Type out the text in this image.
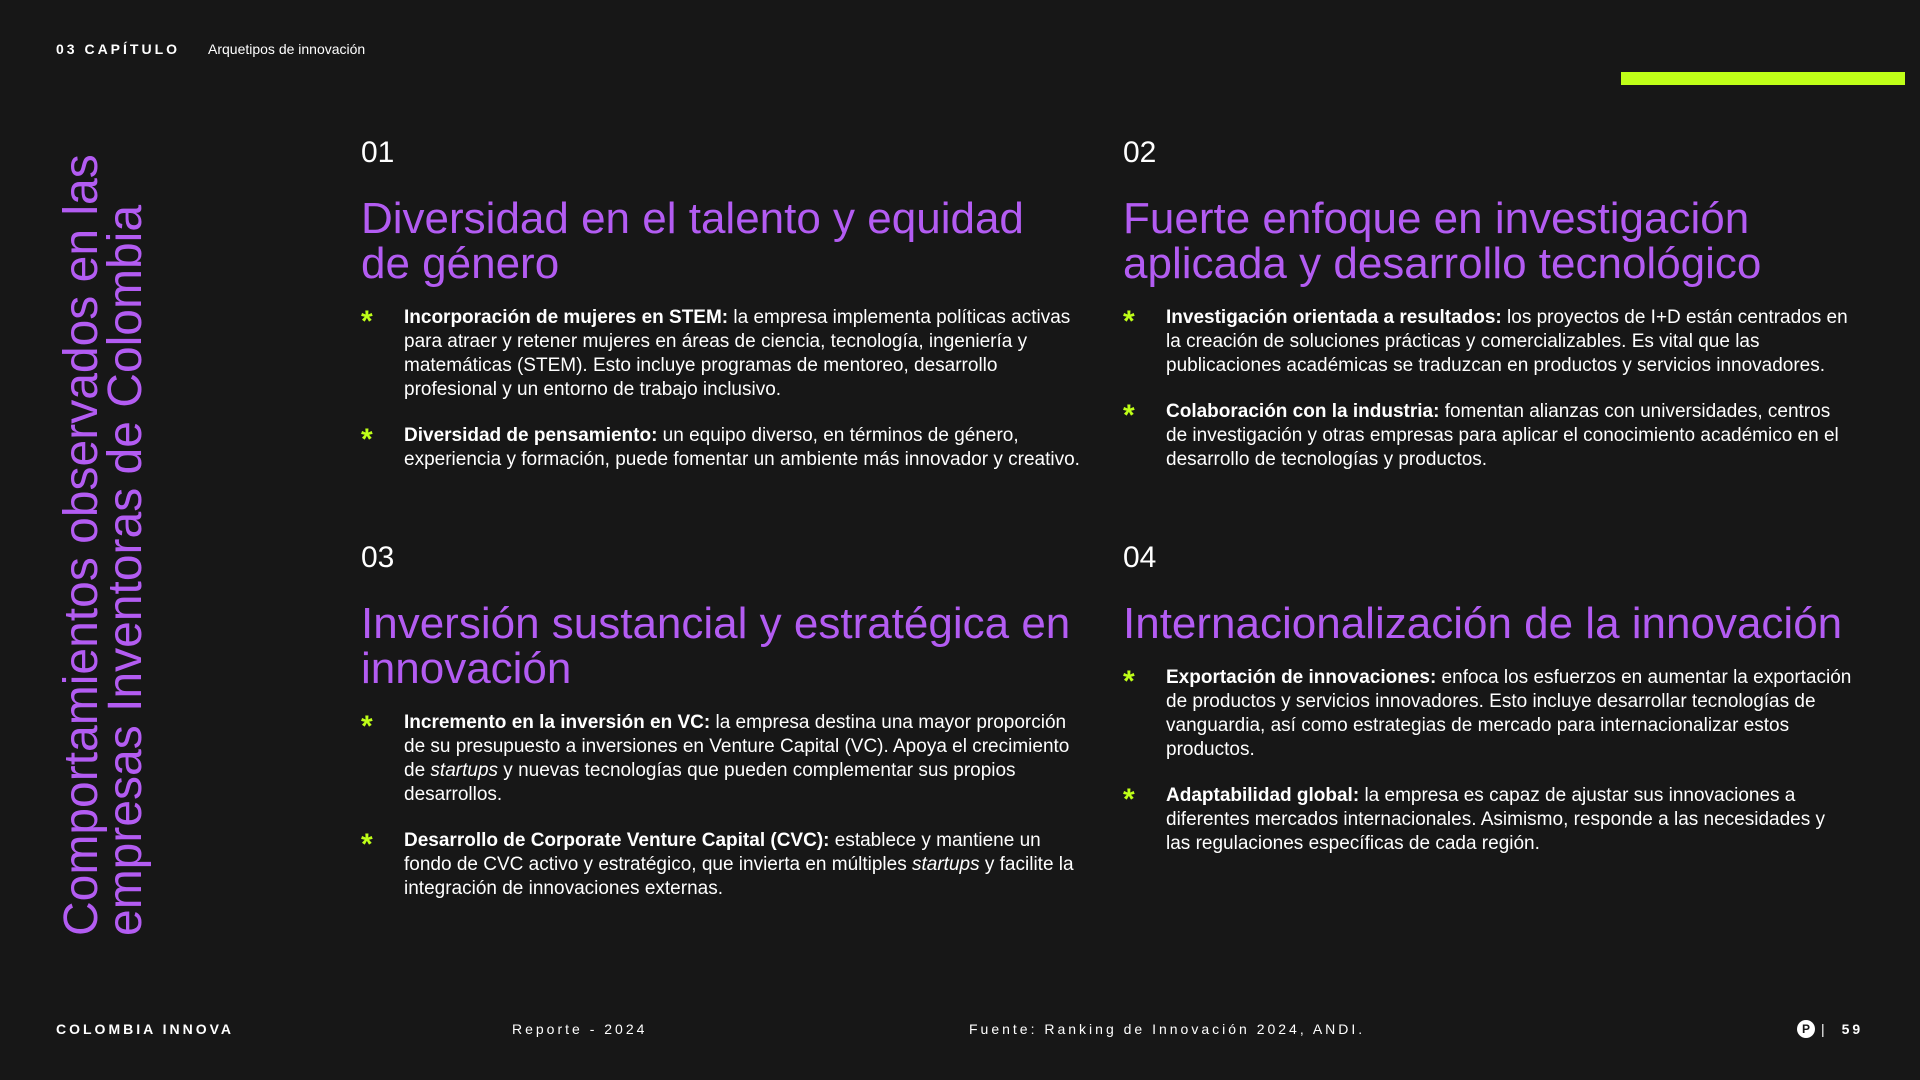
03 CAPÍTULO Arquetipos de innovación
Comportamientos observados en las empresas Inventoras de Colombia
01
Diversidad en el talento y equidad de género
* Incorporación de mujeres en STEM: la empresa implementa políticas activas para atraer y retener mujeres en áreas de ciencia, tecnología, ingeniería y matemáticas (STEM). Esto incluye programas de mentoreo, desarrollo profesional y un entorno de trabajo inclusivo.
* Diversidad de pensamiento: un equipo diverso, en términos de género, experiencia y formación, puede fomentar un ambiente más innovador y creativo.
02
Fuerte enfoque en investigación aplicada y desarrollo tecnológico
* Investigación orientada a resultados: los proyectos de I+D están centrados en la creación de soluciones prácticas y comercializables. Es vital que las publicaciones académicas se traduzcan en productos y servicios innovadores.
* Colaboración con la industria: fomentan alianzas con universidades, centros de investigación y otras empresas para aplicar el conocimiento académico en el desarrollo de tecnologías y productos.
03
Inversión sustancial y estratégica en innovación
* Incremento en la inversión en VC: la empresa destina una mayor proporción de su presupuesto a inversiones en Venture Capital (VC). Apoya el crecimiento de startups y nuevas tecnologías que pueden complementar sus propios desarrollos.
* Desarrollo de Corporate Venture Capital (CVC): establece y mantiene un fondo de CVC activo y estratégico, que invierta en múltiples startups y facilite la integración de innovaciones externas.
04
Internacionalización de la innovación
* Exportación de innovaciones: enfoca los esfuerzos en aumentar la exportación de productos y servicios innovadores. Esto incluye desarrollar tecnologías de vanguardia, así como estrategias de mercado para internacionalizar estos productos.
* Adaptabilidad global: la empresa es capaz de ajustar sus innovaciones a diferentes mercados internacionales. Asimismo, responde a las necesidades y las regulaciones específicas de cada región.
COLOMBIA INNOVA	Reporte - 2024	Fuente: Ranking de Innovación 2024, ANDI.	P | 59
